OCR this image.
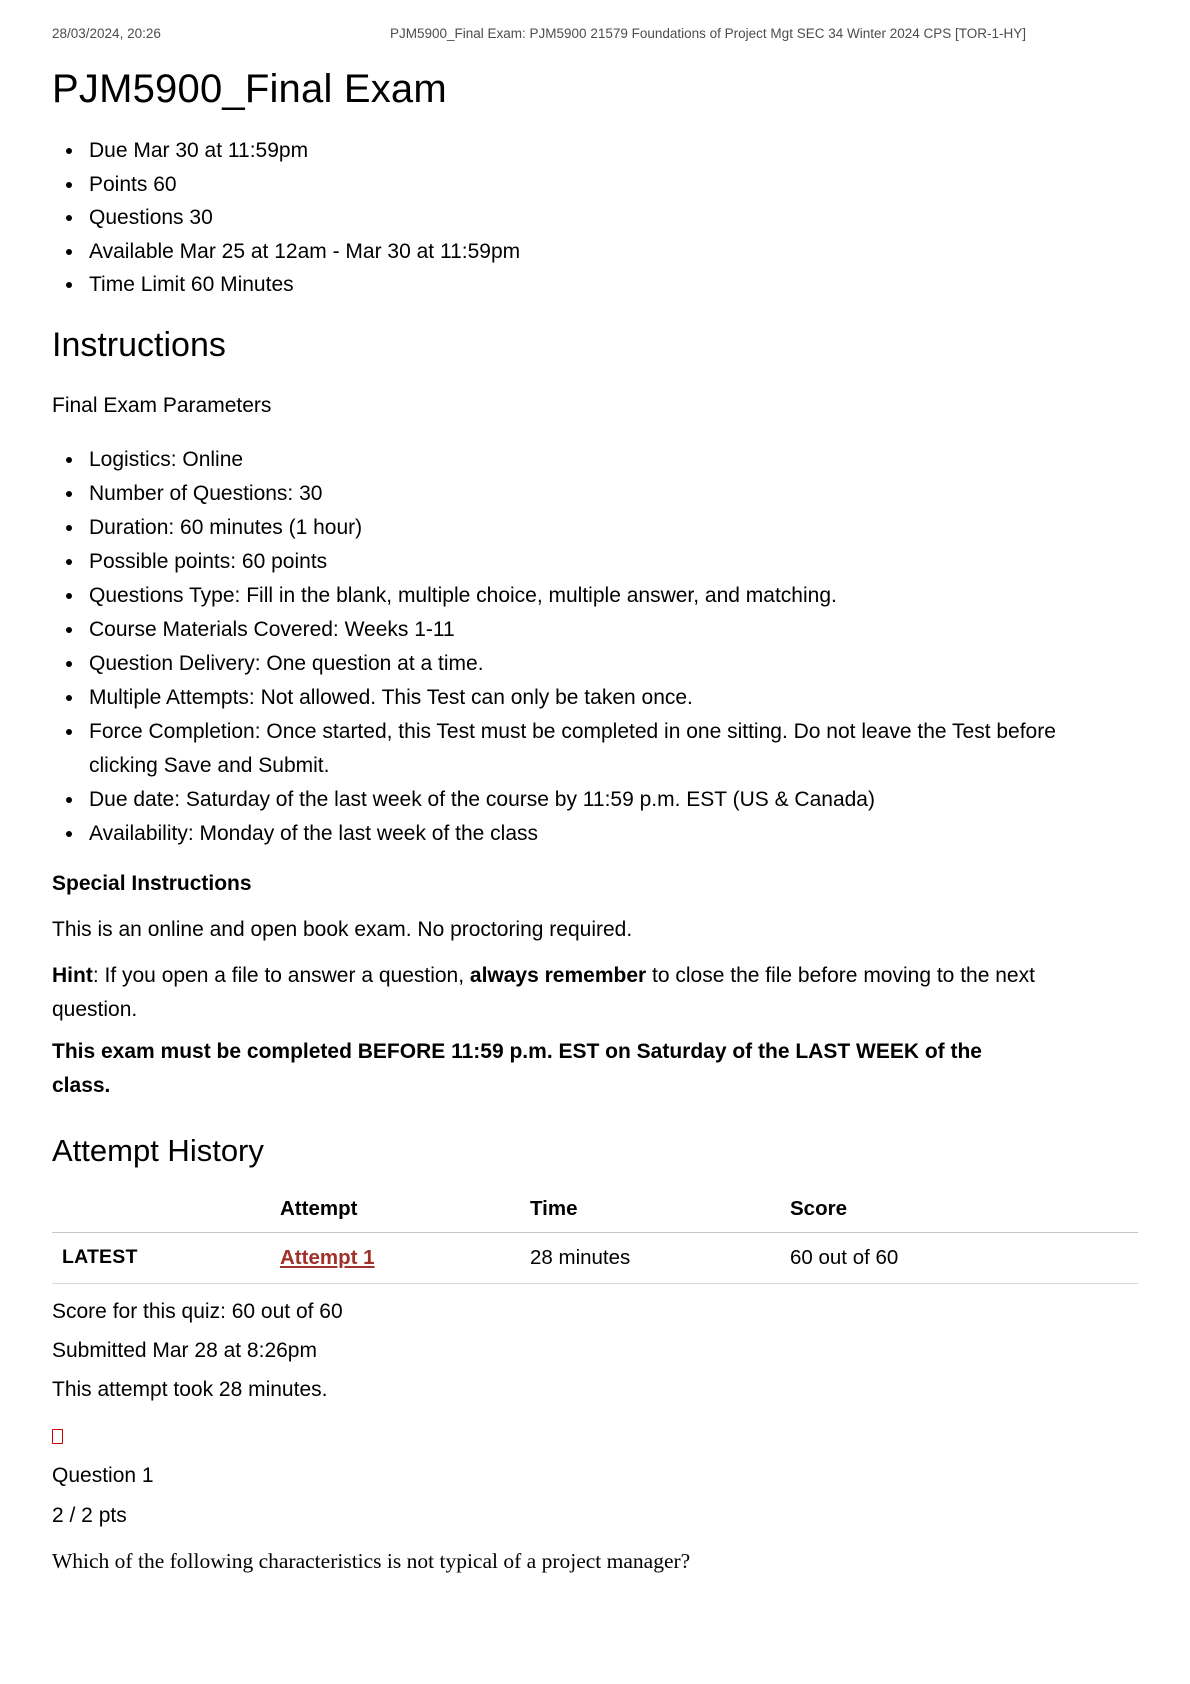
28/03/2024, 20:26	PJM5900_Final Exam: PJM5900 21579 Foundations of Project Mgt SEC 34 Winter 2024 CPS [TOR-1-HY]
PJM5900_Final Exam
• Due Mar 30 at 11:59pm
• Points 60
• Questions 30
• Available Mar 25 at 12am - Mar 30 at 11:59pm
• Time Limit 60 Minutes
Instructions

Final Exam Parameters

• Logistics: Online
• Number of Questions: 30
• Duration: 60 minutes (1 hour)
• Possible points: 60 points
• Questions Type: Fill in the blank, multiple choice, multiple answer, and matching.
• Course Materials Covered: Weeks 1-11
• Question Delivery: One question at a time.
• Multiple Attempts: Not allowed. This Test can only be taken once.
• Force Completion: Once started, this Test must be completed in one sitting. Do not leave the Test before clicking Save and Submit.
• Due date: Saturday of the last week of the course by 11:59 p.m. EST (US & Canada)
• Availability: Monday of the last week of the class

Special Instructions

This is an online and open book exam. No proctoring required.

Hint: If you open a file to answer a question, always remember to close the file before moving to the next question.

This exam must be completed BEFORE 11:59 p.m. EST on Saturday of the LAST WEEK of the class.

Attempt History
	Attempt	Time	Score
LATEST	Attempt 1	28 minutes	60 out of 60

Score for this quiz: 60 out of 60

Submitted Mar 28 at 8:26pm

This attempt took 28 minutes.

Question 1

2 / 2 pts

Which of the following characteristics is not typical of a project manager?
